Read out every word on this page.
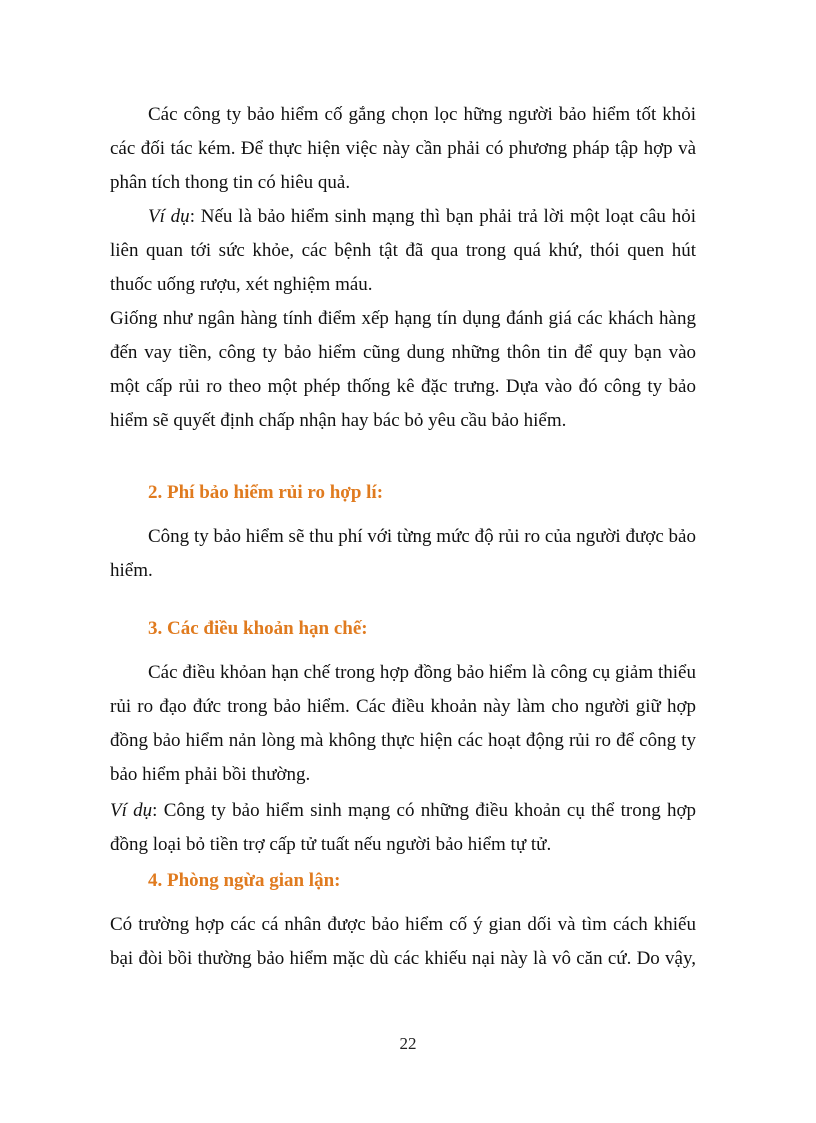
Các công ty bảo hiểm cố gắng chọn lọc hững người bảo hiểm tốt khỏi
các đối tác kém. Để thực hiện việc này cần phải có phương pháp tập hợp và
phân tích thong tin có hiêu quả.
Ví dụ: Nếu là bảo hiểm sinh mạng thì bạn phải trả lời một loạt câu hỏi
liên quan tới sức khỏe, các bệnh tật đã qua trong quá khứ, thói quen hút
thuốc uống rượu, xét nghiệm máu.
Giống như ngân hàng tính điểm xếp hạng tín dụng đánh giá các khách hàng
đến vay tiền, công ty bảo hiểm cũng dung những thôn tin để quy bạn vào
một cấp rủi ro theo một phép thống kê đặc trưng. Dựa vào đó công ty bảo
hiểm sẽ quyết định chấp nhận hay bác bỏ yêu cầu bảo hiểm.
2. Phí bảo hiểm rủi ro hợp lí:
Công ty bảo hiểm sẽ thu phí với từng mức độ rủi ro của người được bảo
hiểm.
3. Các điều khoản hạn chế:
Các điều khỏan hạn chế trong hợp đồng bảo hiểm là công cụ giảm thiểu
rủi ro đạo đức trong bảo hiểm. Các điều khoản này làm cho người giữ hợp
đồng bảo hiểm nản lòng mà không thực hiện các hoạt động rủi ro để công ty
bảo hiểm phải bồi thường.
Ví dụ: Công ty bảo hiểm sinh mạng có những điều khoản cụ thể trong hợp
đồng loại bỏ tiền trợ cấp tử tuất nếu người bảo hiểm tự tử.
4. Phòng ngừa gian lận:
Có trường hợp các cá nhân được bảo hiểm cố ý gian dối và tìm cách khiếu
bại đòi bồi thường bảo hiểm mặc dù các khiếu nại này là vô căn cứ. Do vậy,
22
